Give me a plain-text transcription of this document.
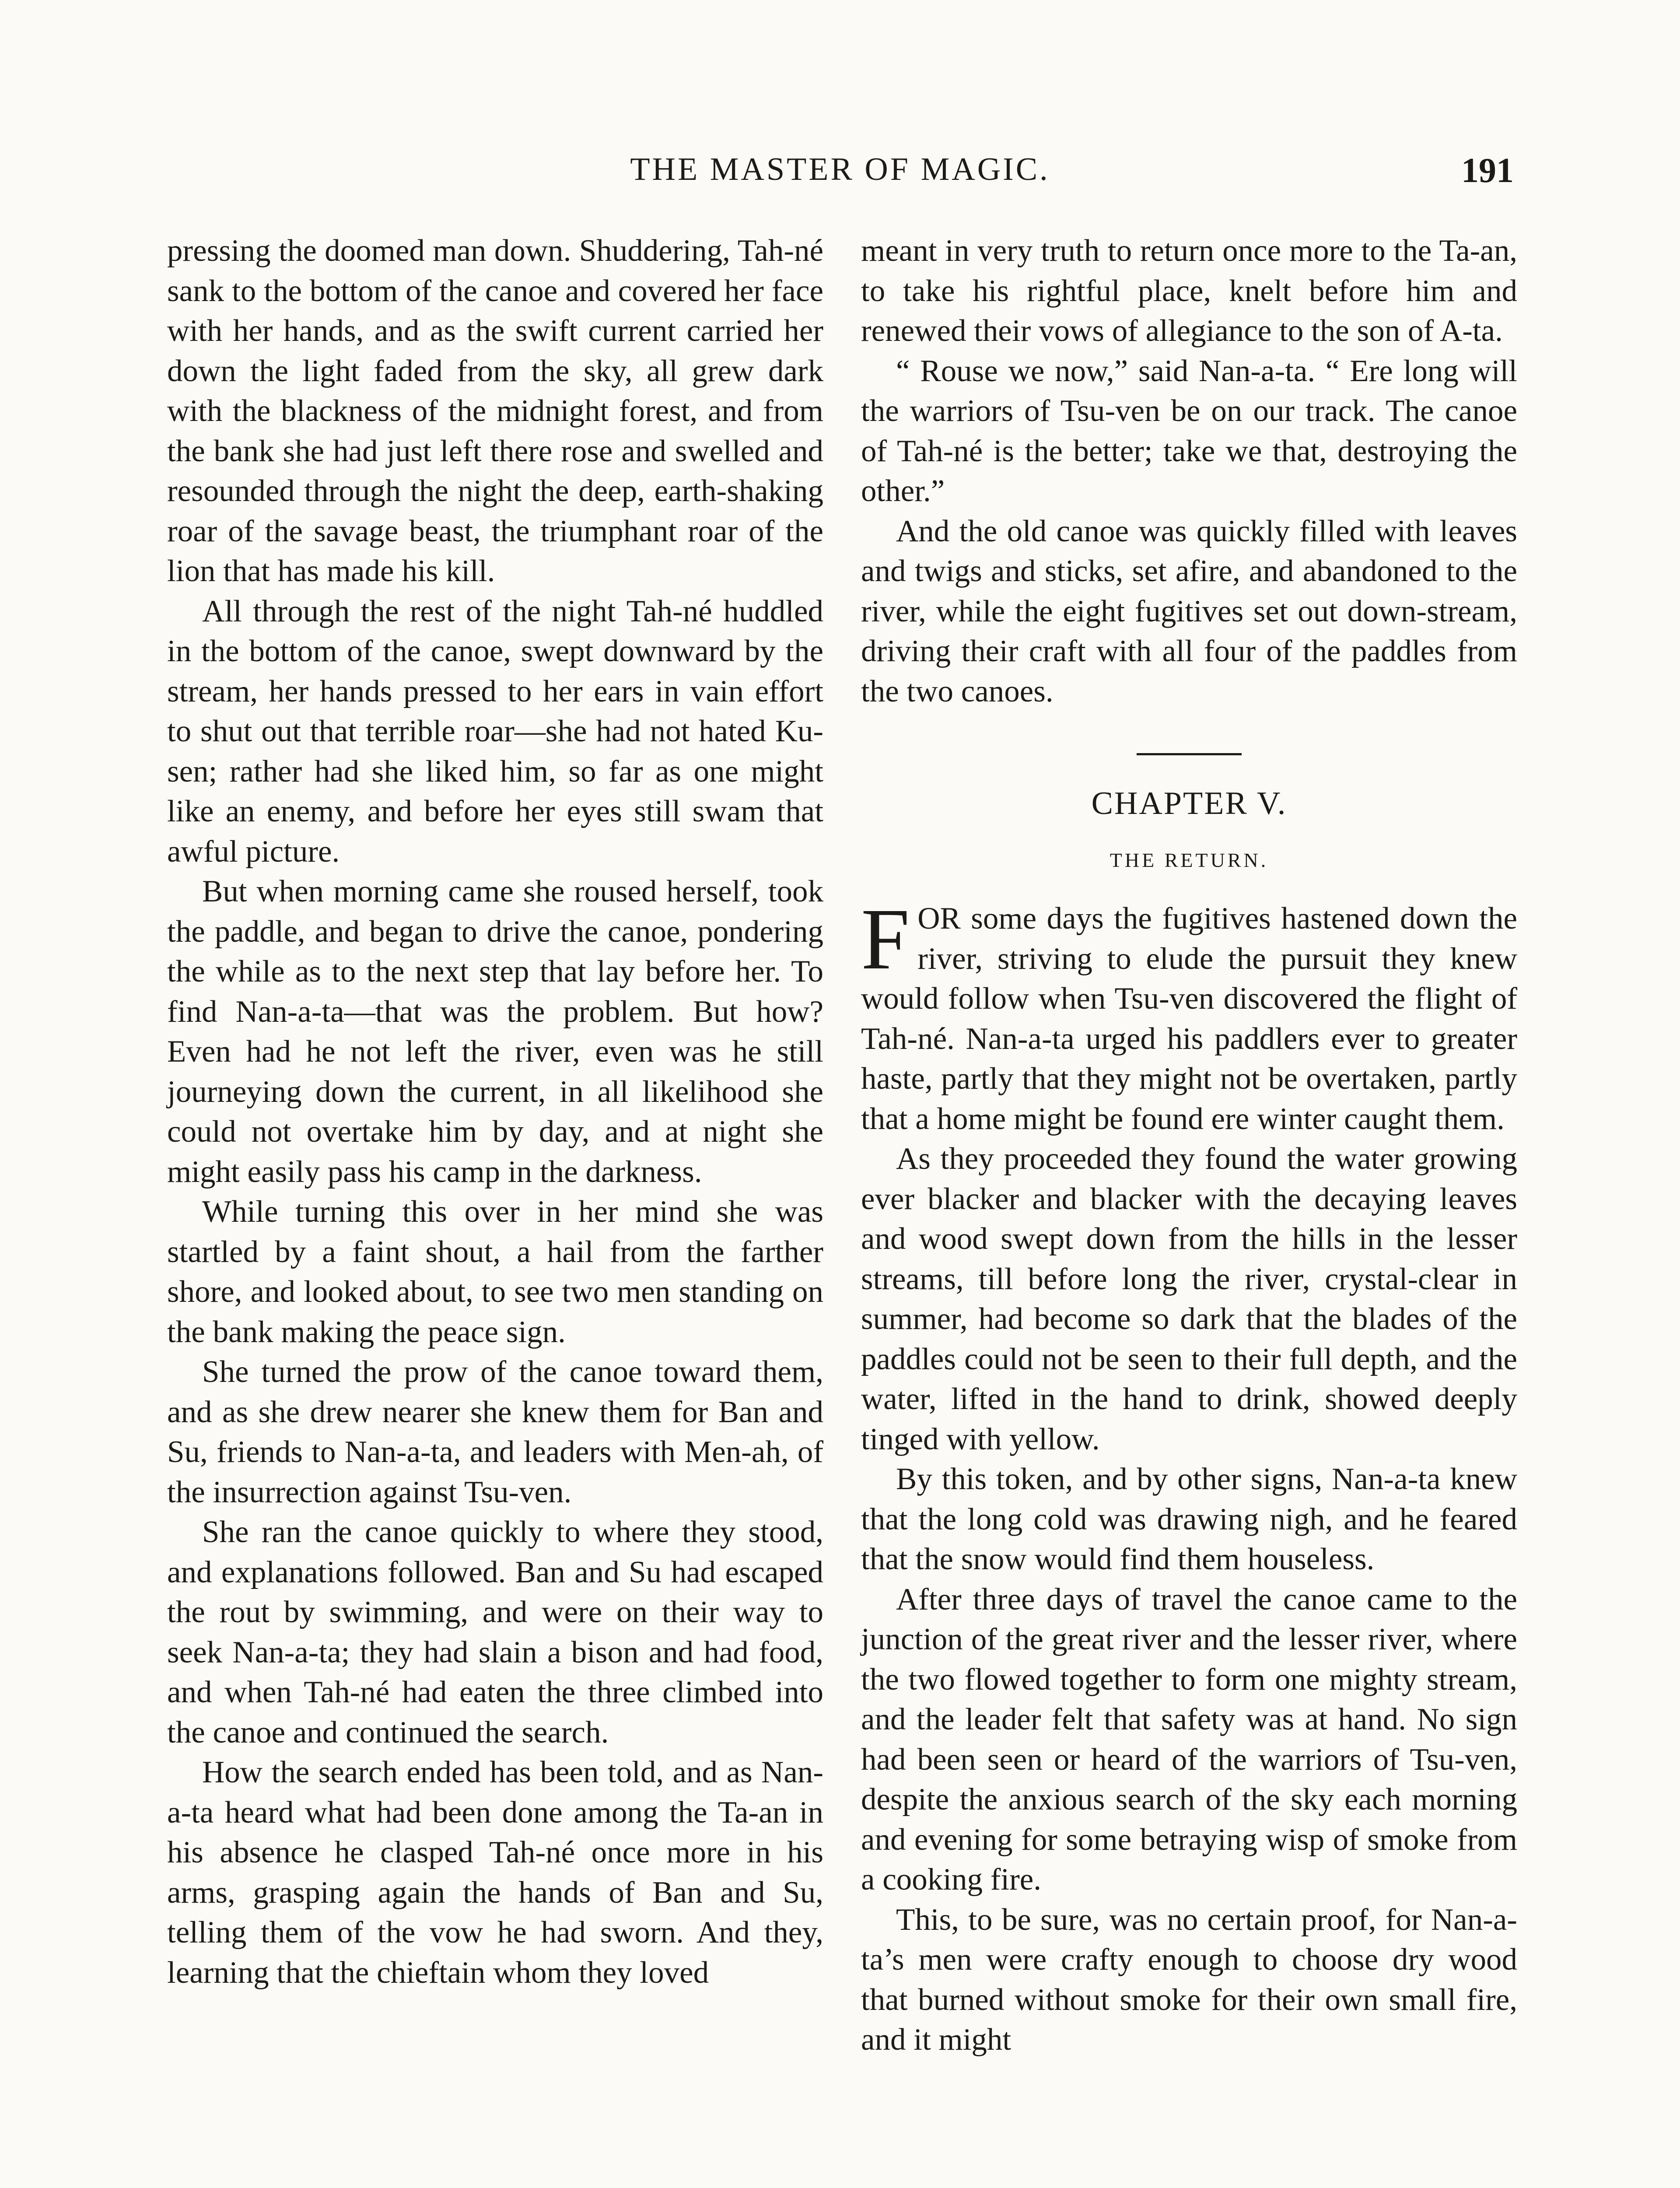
THE MASTER OF MAGIC.	191

pressing the doomed man down. Shuddering, Tah-né sank to the bottom of the canoe and covered her face with her hands, and as the swift current carried her down the light faded from the sky, all grew dark with the blackness of the midnight forest, and from the bank she had just left there rose and swelled and resounded through the night the deep, earth-shaking roar of the savage beast, the triumphant roar of the lion that has made his kill.

All through the rest of the night Tah-né huddled in the bottom of the canoe, swept downward by the stream, her hands pressed to her ears in vain effort to shut out that terrible roar—she had not hated Ku-sen; rather had she liked him, so far as one might like an enemy, and before her eyes still swam that awful picture.

But when morning came she roused herself, took the paddle, and began to drive the canoe, pondering the while as to the next step that lay before her. To find Nan-a-ta—that was the problem. But how? Even had he not left the river, even was he still journeying down the current, in all likelihood she could not overtake him by day, and at night she might easily pass his camp in the darkness.

While turning this over in her mind she was startled by a faint shout, a hail from the farther shore, and looked about, to see two men standing on the bank making the peace sign.

She turned the prow of the canoe toward them, and as she drew nearer she knew them for Ban and Su, friends to Nan-a-ta, and leaders with Men-ah, of the insurrection against Tsu-ven.

She ran the canoe quickly to where they stood, and explanations followed. Ban and Su had escaped the rout by swimming, and were on their way to seek Nan-a-ta; they had slain a bison and had food, and when Tah-né had eaten the three climbed into the canoe and continued the search.

How the search ended has been told, and as Nan-a-ta heard what had been done among the Ta-an in his absence he clasped Tah-né once more in his arms, grasping again the hands of Ban and Su, telling them of the vow he had sworn. And they, learning that the chieftain whom they loved

meant in very truth to return once more to the Ta-an, to take his rightful place, knelt before him and renewed their vows of allegiance to the son of A-ta.

“ Rouse we now,” said Nan-a-ta. “ Ere long will the warriors of Tsu-ven be on our track. The canoe of Tah-né is the better; take we that, destroying the other.”

And the old canoe was quickly filled with leaves and twigs and sticks, set afire, and abandoned to the river, while the eight fugitives set out down-stream, driving their craft with all four of the paddles from the two canoes.

CHAPTER V.
THE RETURN.

FOR some days the fugitives hastened down the river, striving to elude the pursuit they knew would follow when Tsu-ven discovered the flight of Tah-né. Nan-a-ta urged his paddlers ever to greater haste, partly that they might not be overtaken, partly that a home might be found ere winter caught them.

As they proceeded they found the water growing ever blacker and blacker with the decaying leaves and wood swept down from the hills in the lesser streams, till before long the river, crystal-clear in summer, had become so dark that the blades of the paddles could not be seen to their full depth, and the water, lifted in the hand to drink, showed deeply tinged with yellow.

By this token, and by other signs, Nan-a-ta knew that the long cold was drawing nigh, and he feared that the snow would find them houseless.

After three days of travel the canoe came to the junction of the great river and the lesser river, where the two flowed together to form one mighty stream, and the leader felt that safety was at hand. No sign had been seen or heard of the warriors of Tsu-ven, despite the anxious search of the sky each morning and evening for some betraying wisp of smoke from a cooking fire.

This, to be sure, was no certain proof, for Nan-a-ta’s men were crafty enough to choose dry wood that burned without smoke for their own small fire, and it might
